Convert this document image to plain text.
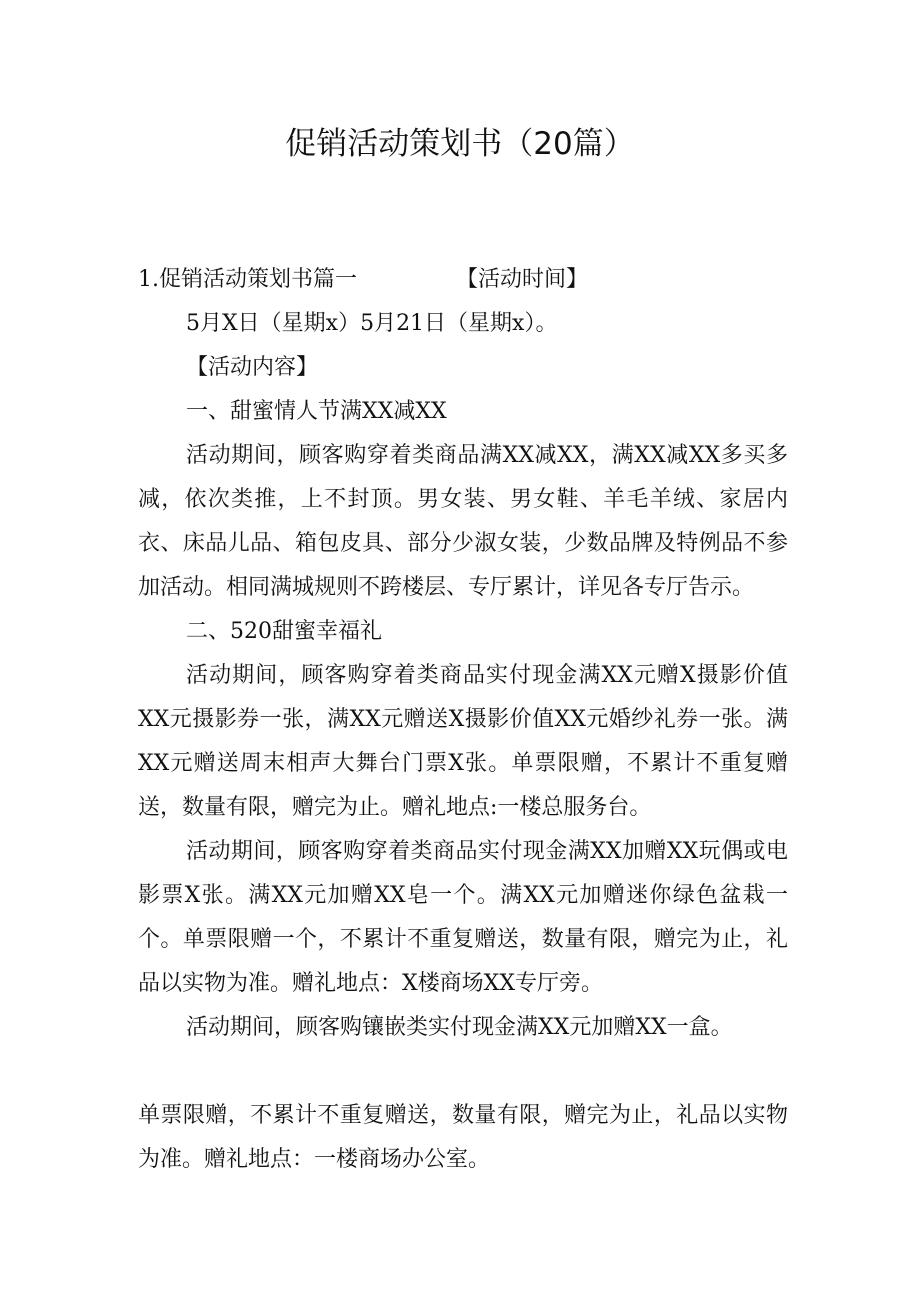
促销活动策划书（20篇）
1.促销活动策划书篇一	【活动时间】

5月X日（星期x）5月21日（星期x）。

【活动内容】

一、甜蜜情人节满XX减XX

活动期间，顾客购穿着类商品满XX减XX，满XX减XX多买多减，依次类推，上不封顶。男女装、男女鞋、羊毛羊绒、家居内衣、床品儿品、箱包皮具、部分少淑女装，少数品牌及特例品不参加活动。相同满城规则不跨楼层、专厅累计，详见各专厅告示。

二、520甜蜜幸福礼

活动期间，顾客购穿着类商品实付现金满XX元赠X摄影价值XX元摄影券一张，满XX元赠送X摄影价值XX元婚纱礼券一张。满XX元赠送周末相声大舞台门票X张。单票限赠，不累计不重复赠送，数量有限，赠完为止。赠礼地点:一楼总服务台。

活动期间，顾客购穿着类商品实付现金满XX加赠XX玩偶或电影票X张。满XX元加赠XX皂一个。满XX元加赠迷你绿色盆栽一个。单票限赠一个，不累计不重复赠送，数量有限，赠完为止，礼品以实物为准。赠礼地点：X楼商场XX专厅旁。

活动期间，顾客购镶嵌类实付现金满XX元加赠XX一盒。

单票限赠，不累计不重复赠送，数量有限，赠完为止，礼品以实物为准。赠礼地点：一楼商场办公室。
